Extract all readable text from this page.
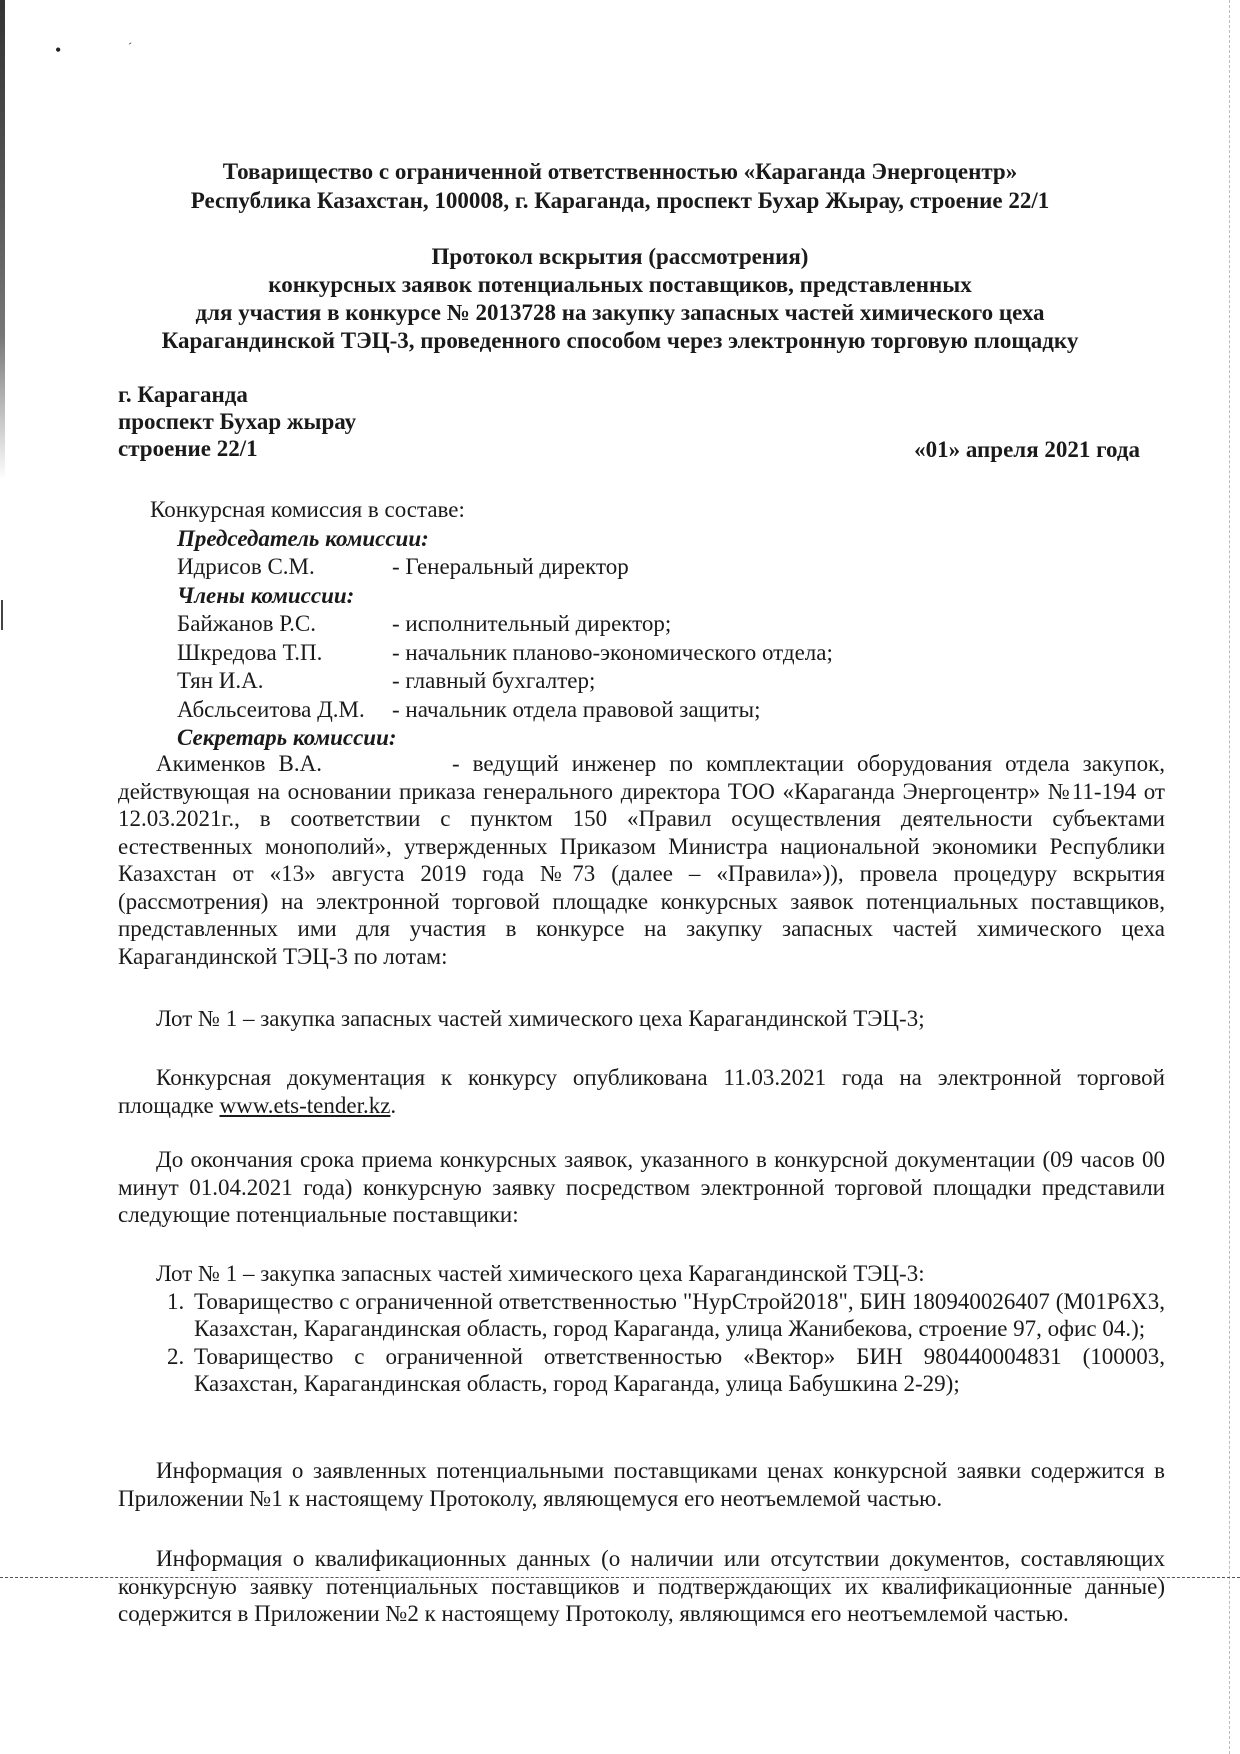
•	ˊ
Товарищество с ограниченной ответственностью «Караганда Энергоцентр»
Республика Казахстан, 100008, г. Караганда, проспект Бухар Жырау, строение 22/1
Протокол вскрытия (рассмотрения)
конкурсных заявок потенциальных поставщиков, представленных
для участия в конкурсе № 2013728 на закупку запасных частей химического цеха
Карагандинской ТЭЦ-3, проведенного способом через электронную торговую площадку
г. Караганда
проспект Бухар жырау
строение 22/1	«01» апреля 2021 года
Конкурсная комиссия в составе:
Председатель комиссии:
Идрисов С.М.	- Генеральный директор
Члены комиссии:
Байжанов Р.С.	- исполнительный директор;
Шкредова Т.П.	- начальник планово-экономического отдела;
Тян И.А.	- главный бухгалтер;
Абсльсеитова Д.М.	- начальник отдела правовой защиты;
Секретарь комиссии:
Акименков В.А.          - ведущий инженер по комплектации оборудования отдела закупок, действующая на основании приказа генерального директора ТОО «Караганда Энергоцентр» №11-194 от 12.03.2021г., в соответствии с пунктом 150 «Правил осуществления деятельности субъектами естественных монополий», утвержденных Приказом Министра национальной экономики Республики Казахстан от «13» августа 2019 года №73 (далее – «Правила»)), провела процедуру вскрытия (рассмотрения) на электронной торговой площадке конкурсных заявок потенциальных поставщиков, представленных ими для участия в конкурсе на закупку запасных частей химического цеха Карагандинской ТЭЦ-3 по лотам:
Лот № 1 – закупка запасных частей химического цеха Карагандинской ТЭЦ-3;
Конкурсная документация к конкурсу опубликована 11.03.2021 года на электронной торговой площадке www.ets-tender.kz.
До окончания срока приема конкурсных заявок, указанного в конкурсной документации (09 часов 00 минут 01.04.2021 года) конкурсную заявку посредством электронной торговой площадки представили следующие потенциальные поставщики:
Лот № 1 – закупка запасных частей химического цеха Карагандинской ТЭЦ-3:
1. Товарищество с ограниченной ответственностью "НурСтрой2018", БИН 180940026407 (M01P6X3, Казахстан, Карагандинская область, город Караганда, улица Жанибекова, строение 97, офис 04.);
2. Товарищество с ограниченной ответственностью «Вектор» БИН 980440004831 (100003, Казахстан, Карагандинская область, город Караганда, улица Бабушкина 2-29);
Информация о заявленных потенциальными поставщиками ценах конкурсной заявки содержится в Приложении №1 к настоящему Протоколу, являющемуся его неотъемлемой частью.
Информация о квалификационных данных (о наличии или отсутствии документов, составляющих конкурсную заявку потенциальных поставщиков и подтверждающих их квалификационные данные) содержится в Приложении №2 к настоящему Протоколу, являющимся его неотъемлемой частью.
